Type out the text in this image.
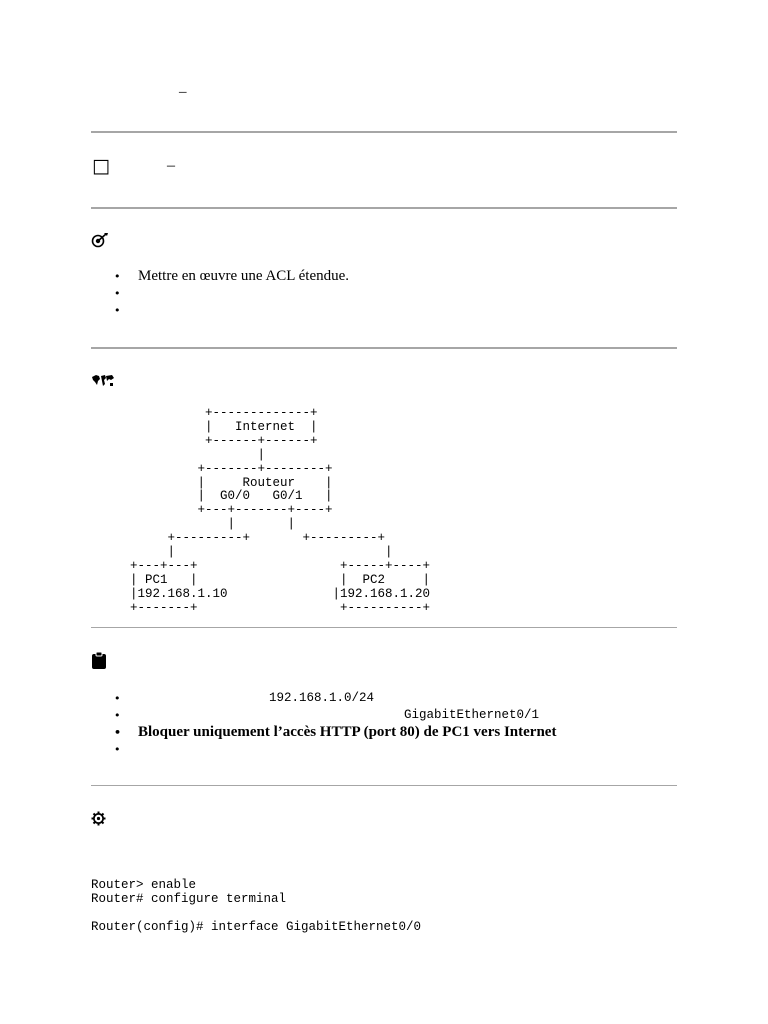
–
□	–
• Mettre en œuvre une ACL étendue.
•
•
+-------------+
|   Internet  |
+------+------+
|
+-------+--------+
|     Routeur    |
|  G0/0   G0/1   |
+---+-------+----+
|       |
+---------+       +---------+
|                            |
+---+---+                   +-----+----+
| PC1   |                   |  PC2     |
|192.168.1.10              |192.168.1.20
+-------+                   +----------+
• 192.168.1.0/24
• GigabitEthernet0/1
• Bloquer uniquement l’accès HTTP (port 80) de PC1 vers Internet
•
Router> enable
Router# configure terminal

Router(config)# interface GigabitEthernet0/0
